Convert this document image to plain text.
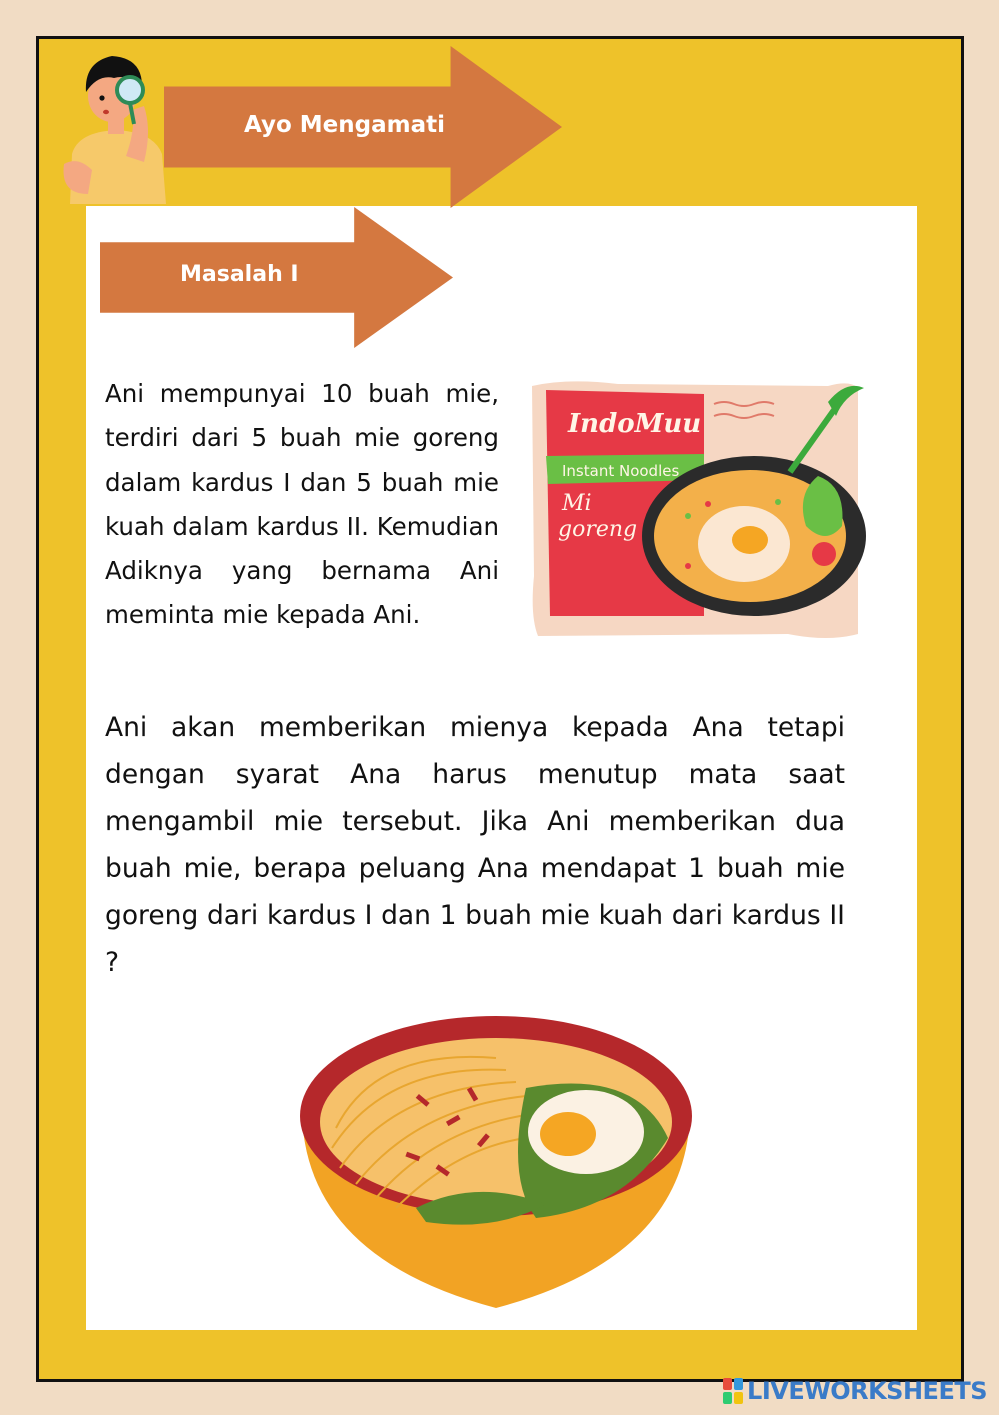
Ayo Mengamati
Masalah I

Ani mempunyai 10 buah mie, terdiri dari 5 buah mie goreng dalam kardus I dan 5 buah mie kuah dalam kardus II. Kemudian Adiknya yang bernama Ani meminta mie kepada Ani.

IndoMuu
Instant Noodles
Mi
goreng

Ani akan memberikan mienya kepada Ana tetapi dengan syarat Ana harus menutup mata saat mengambil mie tersebut. Jika Ani memberikan dua buah mie, berapa peluang Ana mendapat 1 buah mie goreng dari kardus I dan 1 buah mie kuah dari kardus II ?

LIVEWORKSHEETS
